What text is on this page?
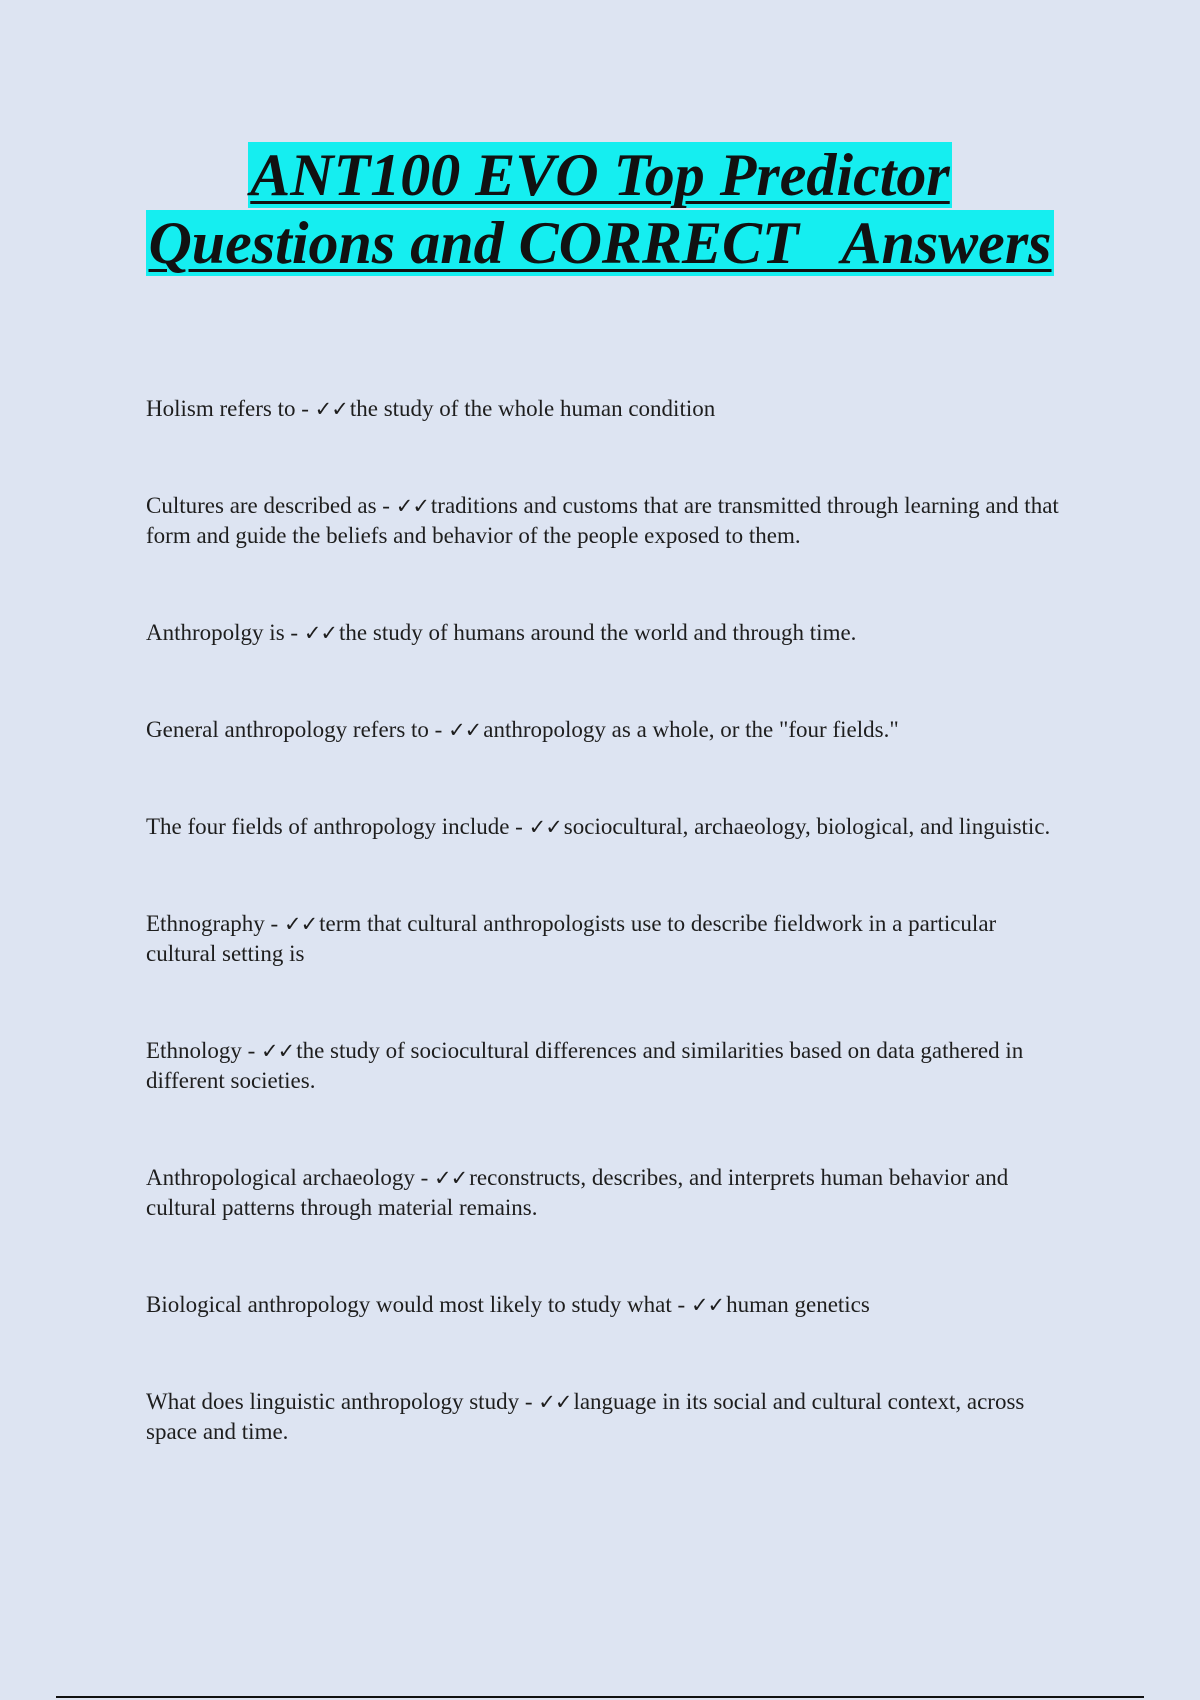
ANT100 EVO Top Predictor
Questions and CORRECT   Answers

Holism refers to - ✓✓the study of the whole human condition

Cultures are described as - ✓✓traditions and customs that are transmitted through learning and that form and guide the beliefs and behavior of the people exposed to them.

Anthropolgy is - ✓✓the study of humans around the world and through time.

General anthropology refers to - ✓✓anthropology as a whole, or the "four fields."

The four fields of anthropology include - ✓✓sociocultural, archaeology, biological, and linguistic.

Ethnography - ✓✓term that cultural anthropologists use to describe fieldwork in a particular cultural setting is

Ethnology - ✓✓the study of sociocultural differences and similarities based on data gathered in different societies.

Anthropological archaeology - ✓✓reconstructs, describes, and interprets human behavior and cultural patterns through material remains.

Biological anthropology would most likely to study what - ✓✓human genetics

What does linguistic anthropology study - ✓✓language in its social and cultural context, across space and time.
